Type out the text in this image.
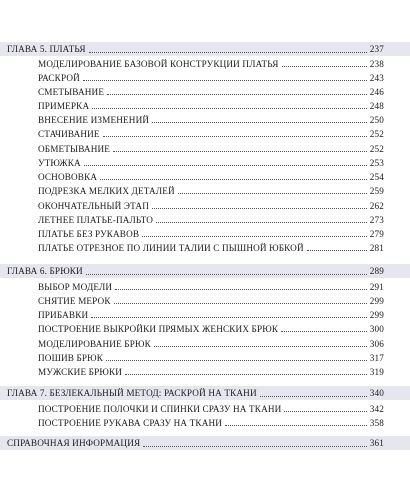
ГЛАВА 5. ПЛАТЬЯ	237
МОДЕЛИРОВАНИЕ БАЗОВОЙ КОНСТРУКЦИИ ПЛАТЬЯ	238
РАСКРОЙ	243
СМЕТЫВАНИЕ	246
ПРИМЕРКА	248
ВНЕСЕНИЕ ИЗМЕНЕНИЙ	250
СТАЧИВАНИЕ	252
ОБМЕТЫВАНИЕ	252
УТЮЖКА	253
ОСНОВОВКА	254
ПОДРЕЗКА МЕЛКИХ ДЕТАЛЕЙ	259
ОКОНЧАТЕЛЬНЫЙ ЭТАП	262
ЛЕТНЕЕ ПЛАТЬЕ-ПАЛЬТО	273
ПЛАТЬЕ БЕЗ РУКАВОВ	279
ПЛАТЬЕ ОТРЕЗНОЕ ПО ЛИНИИ ТАЛИИ С ПЫШНОЙ ЮБКОЙ	281
ГЛАВА 6. БРЮКИ	289
ВЫБОР МОДЕЛИ	291
СНЯТИЕ МЕРОК	299
ПРИБАВКИ	299
ПОСТРОЕНИЕ ВЫКРОЙКИ ПРЯМЫХ ЖЕНСКИХ БРЮК	300
МОДЕЛИРОВАНИЕ БРЮК	306
ПОШИВ БРЮК	317
МУЖСКИЕ БРЮКИ	319
ГЛАВА 7. БЕЗЛЕКАЛЬНЫЙ МЕТОД: РАСКРОЙ НА ТКАНИ	340
ПОСТРОЕНИЕ ПОЛОЧКИ И СПИНКИ СРАЗУ НА ТКАНИ	342
ПОСТРОЕНИЕ РУКАВА СРАЗУ НА ТКАНИ	358
СПРАВОЧНАЯ ИНФОРМАЦИЯ	361
